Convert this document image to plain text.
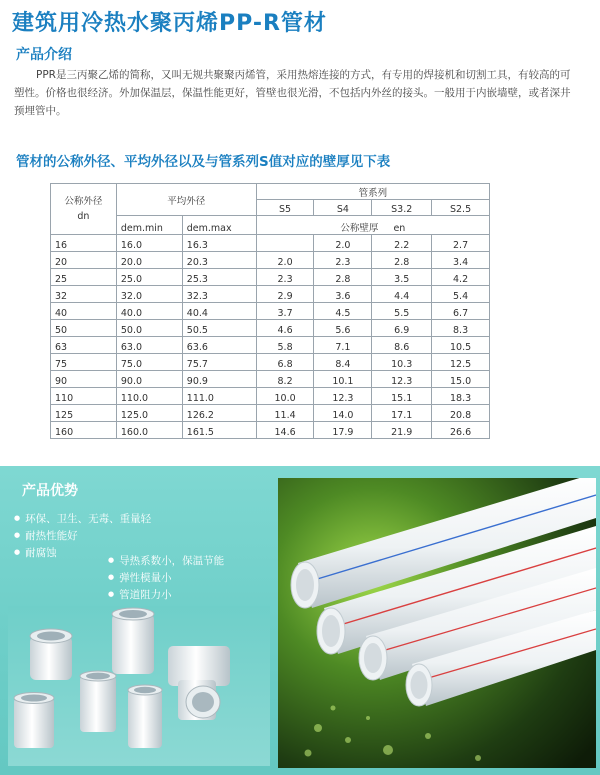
建筑用冷热水聚丙烯PP-R管材
产品介绍
PPR是三丙聚乙烯的简称，又叫无规共聚聚丙烯管，采用热熔连接的方式，有专用的焊接机和切割工具，有较高的可塑性。价格也很经济。外加保温层，保温性能更好，管壁也很光滑，不包括内外丝的接头。一般用于内嵌墙壁，或者深井预埋管中。
管材的公称外径、平均外径以及与管系列S值对应的壁厚见下表
公称外径
dn	平均外径		管系列			
			S5	S4	S3.2	S2.5
	dem.min	dem.max	公称壁厚 en			
16	16.0	16.3		2.0	2.2	2.7
20	20.0	20.3	2.0	2.3	2.8	3.4
25	25.0	25.3	2.3	2.8	3.5	4.2
32	32.0	32.3	2.9	3.6	4.4	5.4
40	40.0	40.4	3.7	4.5	5.5	6.7
50	50.0	50.5	4.6	5.6	6.9	8.3
63	63.0	63.6	5.8	7.1	8.6	10.5
75	75.0	75.7	6.8	8.4	10.3	12.5
90	90.0	90.9	8.2	10.1	12.3	15.0
110	110.0	111.0	10.0	12.3	15.1	18.3
125	125.0	126.2	11.4	14.0	17.1	20.8
160	160.0	161.5	14.6	17.9	21.9	26.6
产品优势
● 环保、卫生、无毒、重量轻
● 耐热性能好
● 耐腐蚀
● 导热系数小，保温节能
● 弹性模量小
● 管道阻力小
